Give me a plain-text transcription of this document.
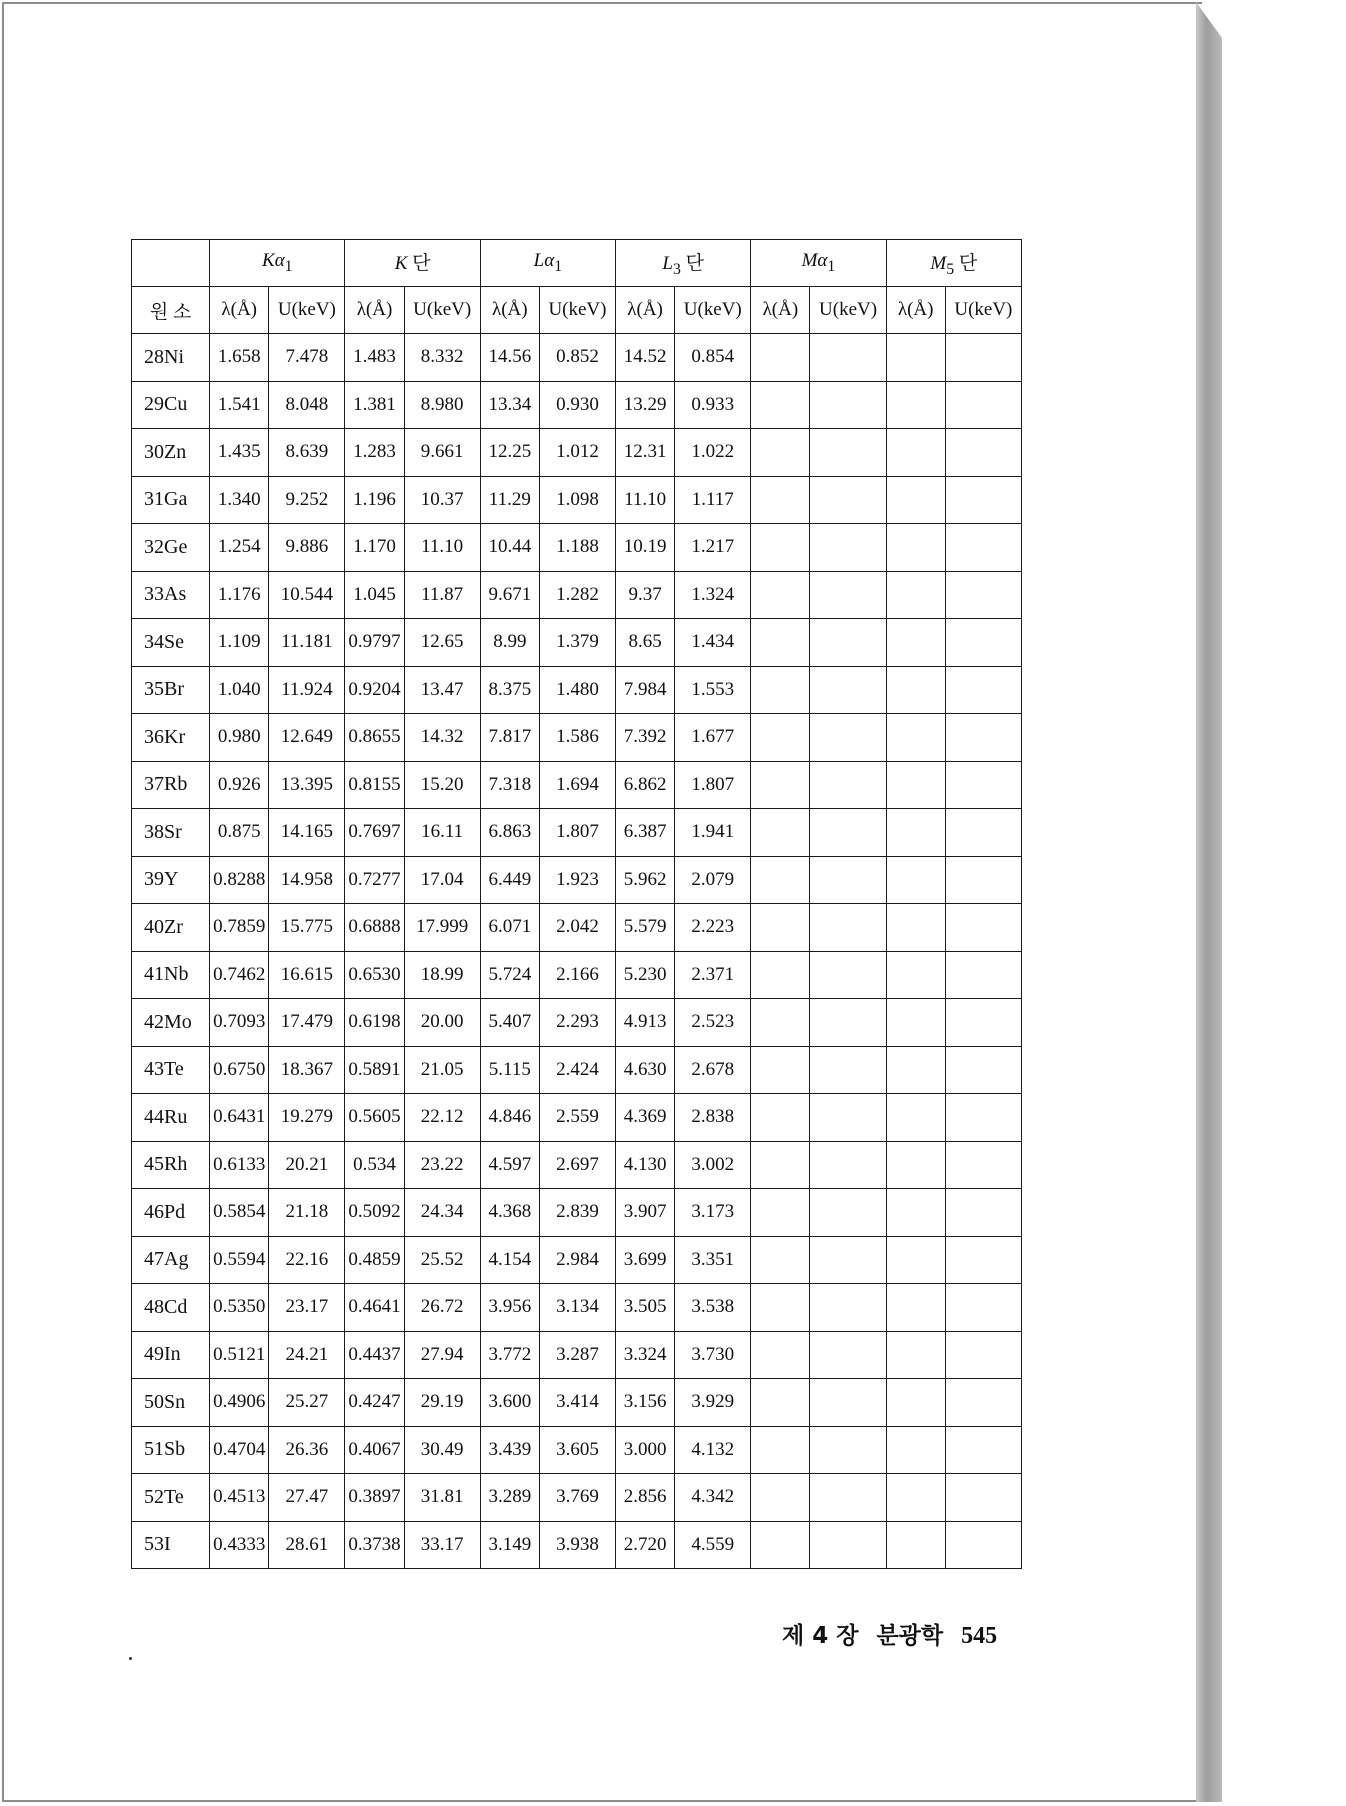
	$K\alpha_1$		K 단		$L\alpha_1$		$L_3$ 단		$M\alpha_1$		$M_5$ 단	
원 소	λ(Å)	U(keV)	λ(Å)	U(keV)	λ(Å)	U(keV)	λ(Å)	U(keV)	λ(Å)	U(keV)	λ(Å)	U(keV)
28Ni	1.658	7.478	1.483	8.332	14.56	0.852	14.52	0.854				
29Cu	1.541	8.048	1.381	8.980	13.34	0.930	13.29	0.933				
30Zn	1.435	8.639	1.283	9.661	12.25	1.012	12.31	1.022				
31Ga	1.340	9.252	1.196	10.37	11.29	1.098	11.10	1.117				
32Ge	1.254	9.886	1.170	11.10	10.44	1.188	10.19	1.217				
33As	1.176	10.544	1.045	11.87	9.671	1.282	9.37	1.324				
34Se	1.109	11.181	0.9797	12.65	8.99	1.379	8.65	1.434				
35Br	1.040	11.924	0.9204	13.47	8.375	1.480	7.984	1.553				
36Kr	0.980	12.649	0.8655	14.32	7.817	1.586	7.392	1.677				
37Rb	0.926	13.395	0.8155	15.20	7.318	1.694	6.862	1.807				
38Sr	0.875	14.165	0.7697	16.11	6.863	1.807	6.387	1.941				
39Y	0.8288	14.958	0.7277	17.04	6.449	1.923	5.962	2.079				
40Zr	0.7859	15.775	0.6888	17.999	6.071	2.042	5.579	2.223				
41Nb	0.7462	16.615	0.6530	18.99	5.724	2.166	5.230	2.371				
42Mo	0.7093	17.479	0.6198	20.00	5.407	2.293	4.913	2.523				
43Te	0.6750	18.367	0.5891	21.05	5.115	2.424	4.630	2.678				
44Ru	0.6431	19.279	0.5605	22.12	4.846	2.559	4.369	2.838				
45Rh	0.6133	20.21	0.534	23.22	4.597	2.697	4.130	3.002				
46Pd	0.5854	21.18	0.5092	24.34	4.368	2.839	3.907	3.173				
47Ag	0.5594	22.16	0.4859	25.52	4.154	2.984	3.699	3.351				
48Cd	0.5350	23.17	0.4641	26.72	3.956	3.134	3.505	3.538				
49In	0.5121	24.21	0.4437	27.94	3.772	3.287	3.324	3.730				
50Sn	0.4906	25.27	0.4247	29.19	3.600	3.414	3.156	3.929				
51Sb	0.4704	26.36	0.4067	30.49	3.439	3.605	3.000	4.132				
52Te	0.4513	27.47	0.3897	31.81	3.289	3.769	2.856	4.342				
53I	0.4333	28.61	0.3738	33.17	3.149	3.938	2.720	4.559				
제 4 장 분광학 545
